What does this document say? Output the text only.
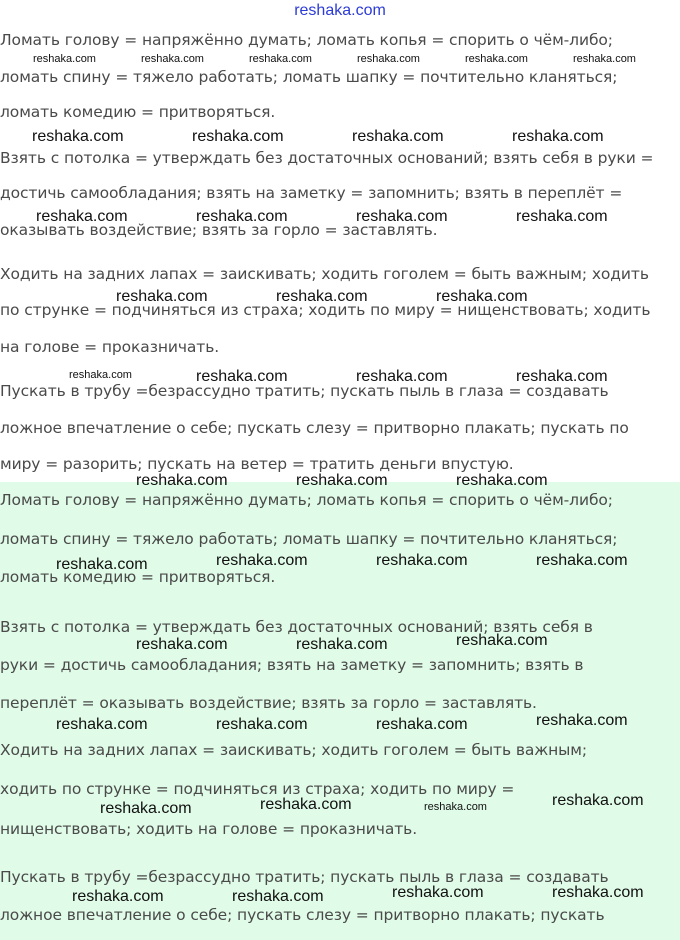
reshaka.com
Ломать голову = напряжённо думать; ломать копья = спорить о чём-либо;
ломать спину = тяжело работать; ломать шапку = почтительно кланяться;
ломать комедию = притворяться.
Взять с потолка = утверждать без достаточных оснований; взять себя в руки =
достичь самообладания; взять на заметку = запомнить; взять в переплёт =
оказывать воздействие; взять за горло = заставлять.
Ходить на задних лапах = заискивать; ходить гоголем = быть важным; ходить
по струнке = подчиняться из страха; ходить по миру = нищенствовать; ходить
на голове = проказничать.
Пускать в трубу =безрассудно тратить; пускать пыль в глаза = создавать
ложное впечатление о себе; пускать слезу = притворно плакать; пускать по
миру = разорить; пускать на ветер = тратить деньги впустую.
Ломать голову = напряжённо думать; ломать копья = спорить о чём-либо;
ломать спину = тяжело работать; ломать шапку = почтительно кланяться;
ломать комедию = притворяться.
Взять с потолка = утверждать без достаточных оснований; взять себя в
руки = достичь самообладания; взять на заметку = запомнить; взять в
переплёт = оказывать воздействие; взять за горло = заставлять.
Ходить на задних лапах = заискивать; ходить гоголем = быть важным;
ходить по струнке = подчиняться из страха; ходить по миру =
нищенствовать; ходить на голове = проказничать.
Пускать в трубу =безрассудно тратить; пускать пыль в глаза = создавать
ложное впечатление о себе; пускать слезу = притворно плакать; пускать
reshaka.com	reshaka.com	reshaka.com	reshaka.com	reshaka.com	reshaka.com
reshaka.com	reshaka.com	reshaka.com	reshaka.com
reshaka.com	reshaka.com	reshaka.com	reshaka.com
reshaka.com	reshaka.com	reshaka.com
reshaka.com	reshaka.com	reshaka.com	reshaka.com
reshaka.com	reshaka.com	reshaka.com
reshaka.com	reshaka.com	reshaka.com	reshaka.com
reshaka.com	reshaka.com	reshaka.com
reshaka.com	reshaka.com	reshaka.com	reshaka.com
reshaka.com	reshaka.com	reshaka.com	reshaka.com
reshaka.com	reshaka.com	reshaka.com	reshaka.com
